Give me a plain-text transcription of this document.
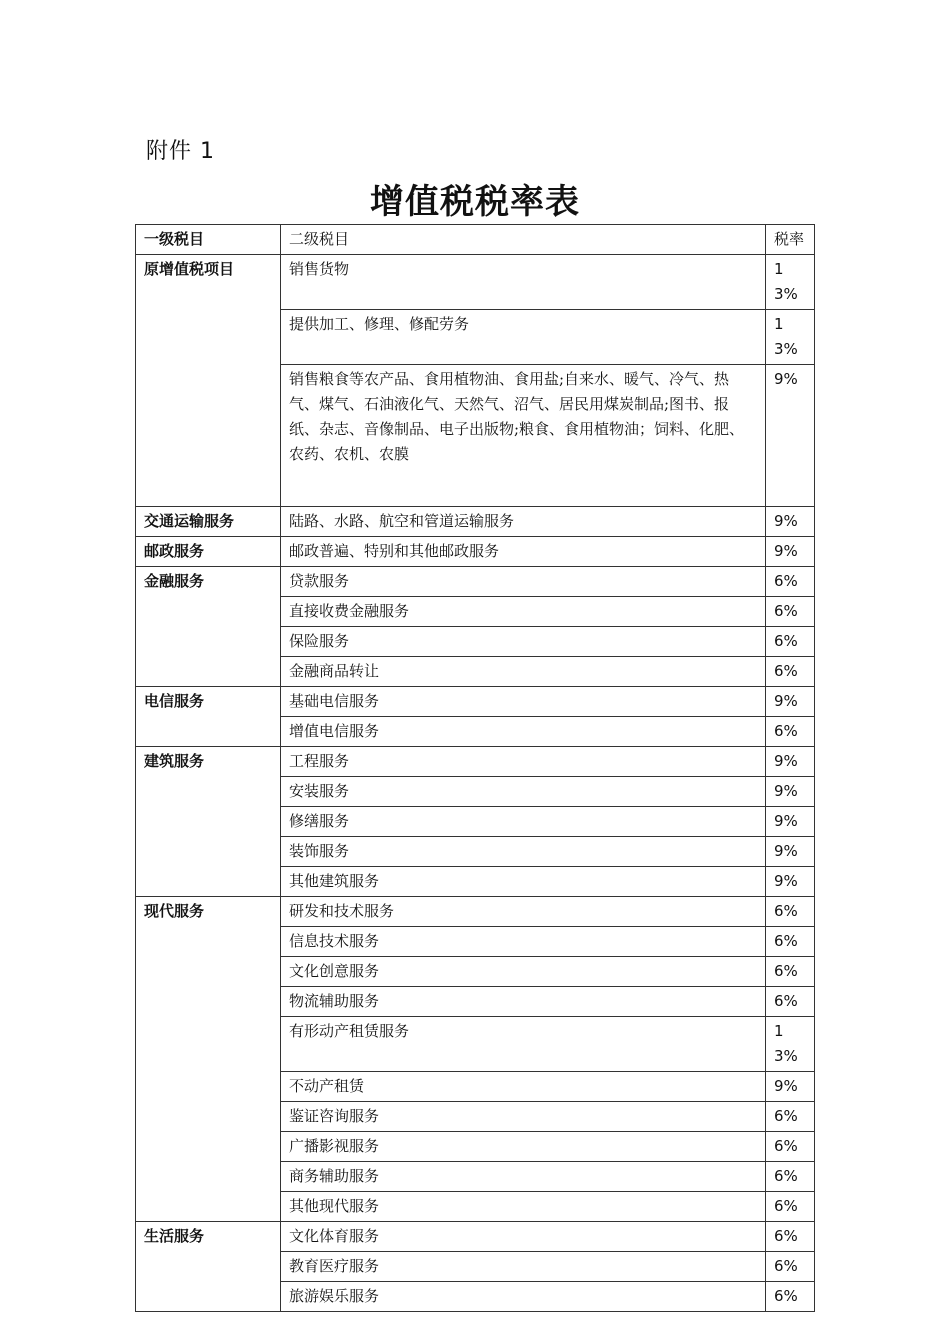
附件 1
增值税税率表
一级税目	二级税目	税率
原增值税项目	销售货物	13%
	提供加工、修理、修配劳务	13%
	销售粮食等农产品、食用植物油、食用盐;自来水、暖气、冷气、热气、煤气、石油液化气、天然气、沼气、居民用煤炭制品;图书、报纸、杂志、音像制品、电子出版物;粮食、食用植物油；饲料、化肥、农药、农机、农膜	9%
交通运输服务	陆路、水路、航空和管道运输服务	9%
邮政服务	邮政普遍、特别和其他邮政服务	9%
金融服务	贷款服务	6%
	直接收费金融服务	6%
	保险服务	6%
	金融商品转让	6%
电信服务	基础电信服务	9%
	增值电信服务	6%
建筑服务	工程服务	9%
	安装服务	9%
	修缮服务	9%
	装饰服务	9%
	其他建筑服务	9%
现代服务	研发和技术服务	6%
	信息技术服务	6%
	文化创意服务	6%
	物流辅助服务	6%
	有形动产租赁服务	13%
	不动产租赁	9%
	鉴证咨询服务	6%
	广播影视服务	6%
	商务辅助服务	6%
	其他现代服务	6%
生活服务	文化体育服务	6%
	教育医疗服务	6%
	旅游娱乐服务	6%
